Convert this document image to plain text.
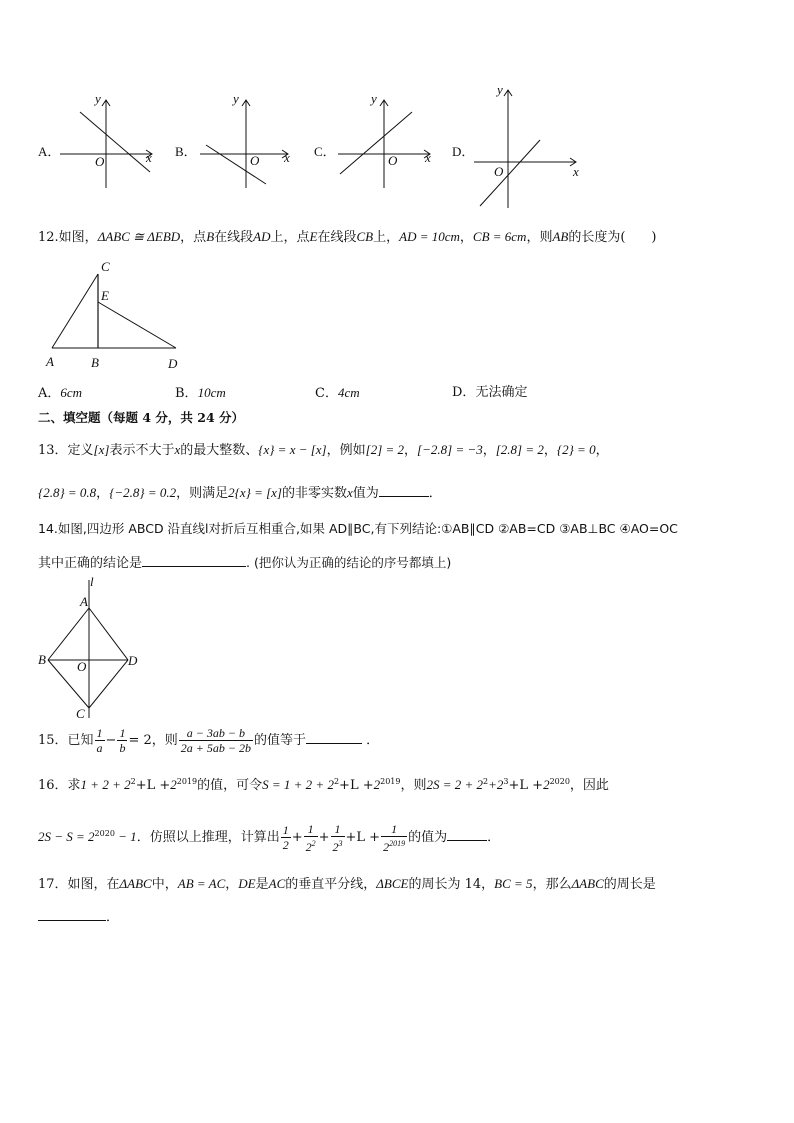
A．
y
x
O
B．
y
x
O
C．
y
x
O
D．
y
x
O
12.如图，ΔABC ≅ ΔEBD，点B在线段AD上，点E在线段CB上，AD = 10cm，CB = 6cm，则AB的长度为(　　)
C
E
A	B	D
A．6cm	B．10cm	C．4cm	D．无法确定
二、填空题（每题 4 分，共 24 分）
13．定义[x]表示不大于x的最大整数、{x} = x − [x]，例如[2] = 2，[−2.8] = −3，[2.8] = 2，{2} = 0，
{2.8} = 0.8，{−2.8} = 0.2，则满足2{x} = [x]的非零实数x值为	．
14.如图,四边形 ABCD 沿直线l对折后互相重合,如果 AD∥BC,有下列结论:①AB∥CD ②AB=CD ③AB⊥BC ④AO=OC
其中正确的结论是	. (把你认为正确的结论的序号都填上)
l
A
B O	D
C
15．已知 $\frac{1}{a} - \frac{1}{b} = 2$，则 $\frac{a - 3ab - b}{2a + 5ab - 2b}$ 的值等于	．
16．求$1 + 2 + 2^2+L +2^{2019}$的值，可令$S = 1 + 2 + 2^2+L +2^{2019}$，则$2S = 2 + 2^2+2^3+L +2^{2020}$，因此
$2S - S = 2^{2020} - 1$．仿照以上推理，计算出 $\frac{1}{2} + \frac{1}{2^2} + \frac{1}{2^3} +L + \frac{1}{2^{2019}}$ 的值为	．
17．如图，在ΔABC中，AB = AC，DE是AC的垂直平分线，ΔBCE的周长为 14，BC = 5，那么ΔABC的周长是
．
